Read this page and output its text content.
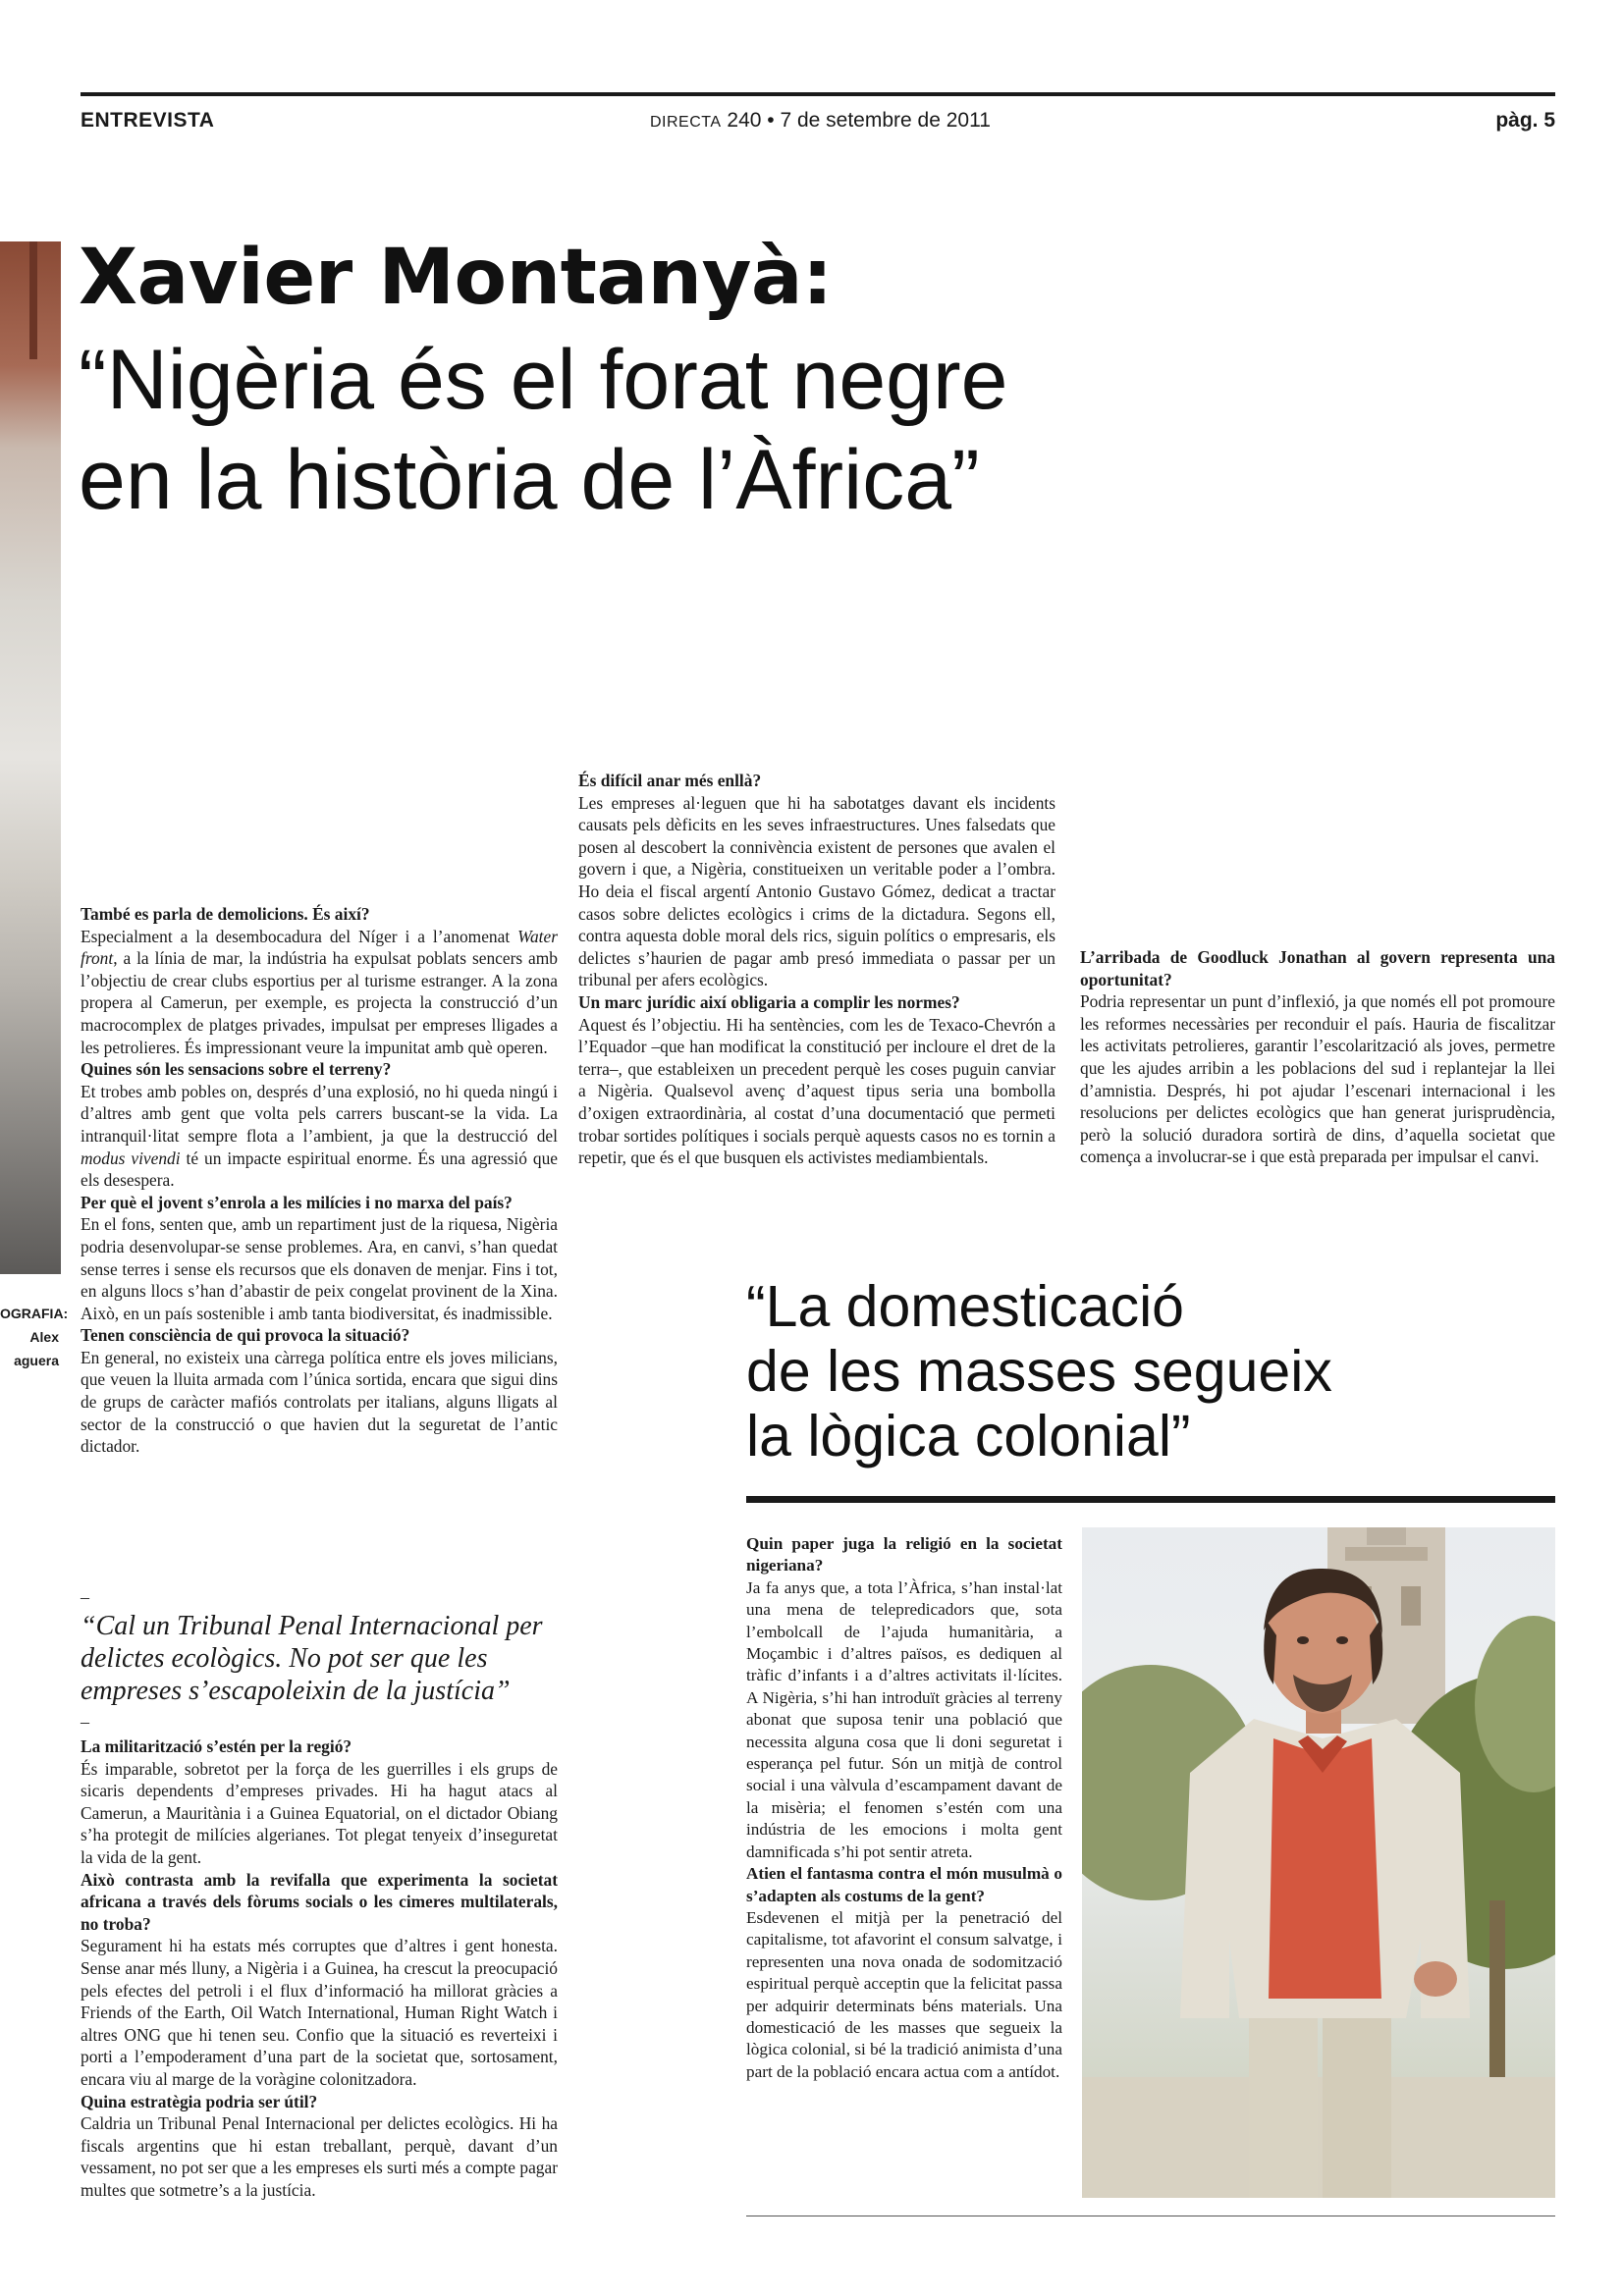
ENTREVISTA	DIRECTA 240 • 7 de setembre de 2011	pàg. 5
OGRAFIA:
Alex
aguera
Xavier Montanyà:
“Nigèria és el forat negre
en la història de l’Àfrica”

També es parla de demolicions. És així?

Especialment a la desembocadura del Níger i a l’anomenat Water front, a la línia de mar, la indústria ha expulsat poblats sencers amb l’objectiu de crear clubs esportius per al turisme estranger. A la zona propera al Camerun, per exemple, es projecta la construcció d’un macrocomplex de platges privades, impulsat per empreses lligades a les petrolieres. És impressionant veure la impunitat amb què operen.

Quines són les sensacions sobre el terreny?

Et trobes amb pobles on, després d’una explosió, no hi queda ningú i d’altres amb gent que volta pels carrers buscant-se la vida. La intranquil·litat sempre flota a l’ambient, ja que la destrucció del modus vivendi té un impacte espiritual enorme. És una agressió que els desespera.

Per què el jovent s’enrola a les milícies i no marxa del país?

En el fons, senten que, amb un repartiment just de la riquesa, Nigèria podria desenvolupar-se sense problemes. Ara, en canvi, s’han quedat sense terres i sense els recursos que els donaven de menjar. Fins i tot, en alguns llocs s’han d’abastir de peix congelat provinent de la Xina. Això, en un país sostenible i amb tanta biodiversitat, és inadmissible.

Tenen consciència de qui provoca la situació?

En general, no existeix una càrrega política entre els joves milicians, que veuen la lluita armada com l’única sortida, encara que sigui dins de grups de caràcter mafiós controlats per italians, alguns lligats al sector de la construcció o que havien dut la seguretat de l’antic dictador.

–
“Cal un Tribunal Penal Internacional per delictes ecològics. No pot ser que les empreses s’escapoleixin de la justícia”
–

La militarització s’estén per la regió?

És imparable, sobretot per la força de les guerrilles i els grups de sicaris dependents d’empreses privades. Hi ha hagut atacs al Camerun, a Mauritània i a Guinea Equatorial, on el dictador Obiang s’ha protegit de milícies algerianes. Tot plegat tenyeix d’inseguretat la vida de la gent.

Això contrasta amb la revifalla que experimenta la societat africana a través dels fòrums socials o les cimeres multilaterals, no troba?

Segurament hi ha estats més corruptes que d’altres i gent honesta. Sense anar més lluny, a Nigèria i a Guinea, ha crescut la preocupació pels efectes del petroli i el flux d’informació ha millorat gràcies a Friends of the Earth, Oil Watch International, Human Right Watch i altres ONG que hi tenen seu. Confio que la situació es reverteixi i porti a l’empoderament d’una part de la societat que, sortosament, encara viu al marge de la voràgine colonitzadora.

Quina estratègia podria ser útil?

Caldria un Tribunal Penal Internacional per delictes ecològics. Hi ha fiscals argentins que hi estan treballant, perquè, davant d’un vessament, no pot ser que a les empreses els surti més a compte pagar multes que sotmetre’s a la justícia.

És difícil anar més enllà?

Les empreses al·leguen que hi ha sabotatges davant els incidents causats pels dèficits en les seves infraestructures. Unes falsedats que posen al descobert la connivència existent de persones que avalen el govern i que, a Nigèria, constitueixen un veritable poder a l’ombra. Ho deia el fiscal argentí Antonio Gustavo Gómez, dedicat a tractar casos sobre delictes ecològics i crims de la dictadura. Segons ell, contra aquesta doble moral dels rics, siguin polítics o empresaris, els delictes s’haurien de pagar amb presó immediata o passar per un tribunal per afers ecològics.

Un marc jurídic així obligaria a complir les normes?

Aquest és l’objectiu. Hi ha sentències, com les de Texaco-Chevrón a l’Equador –que han modificat la constitució per incloure el dret de la terra–, que estableixen un precedent perquè les coses puguin canviar a Nigèria. Qualsevol avenç d’aquest tipus seria una bombolla d’oxigen extraordinària, al costat d’una documentació que permeti trobar sortides polítiques i socials perquè aquests casos no es tornin a repetir, que és el que busquen els activistes mediambientals.

L’arribada de Goodluck Jonathan al govern representa una oportunitat?

Podria representar un punt d’inflexió, ja que només ell pot promoure les reformes necessàries per reconduir el país. Hauria de fiscalitzar les activitats petrolieres, garantir l’escolarització als joves, permetre que les ajudes arribin a les poblacions del sud i replantejar la llei d’amnistia. Després, hi pot ajudar l’escenari internacional i les resolucions per delictes ecològics que han generat jurisprudència, però la solució duradora sortirà de dins, d’aquella societat que comença a involucrar-se i que està preparada per impulsar el canvi.

“La domesticació
de les masses segueix
la lògica colonial”

Quin paper juga la religió en la societat nigeriana?

Ja fa anys que, a tota l’Àfrica, s’han instal·lat una mena de telepredicadors que, sota l’embolcall de l’ajuda humanitària, a Moçambic i d’altres països, es dediquen al tràfic d’infants i a d’altres activitats il·lícites. A Nigèria, s’hi han introduït gràcies al terreny abonat que suposa tenir una població que necessita alguna cosa que li doni seguretat i esperança pel futur. Són un mitjà de control social i una vàlvula d’escampament davant de la misèria; el fenomen s’estén com una indústria de les emocions i molta gent damnificada s’hi pot sentir atreta.

Atien el fantasma contra el món musulmà o s’adapten als costums de la gent?

Esdevenen el mitjà per la penetració del capitalisme, tot afavorint el consum salvatge, i representen una nova onada de sodomització espiritual perquè acceptin que la felicitat passa per adquirir determinats béns materials. Una domesticació de les masses que segueix la lògica colonial, si bé la tradició animista d’una part de la població encara actua com a antídot.
